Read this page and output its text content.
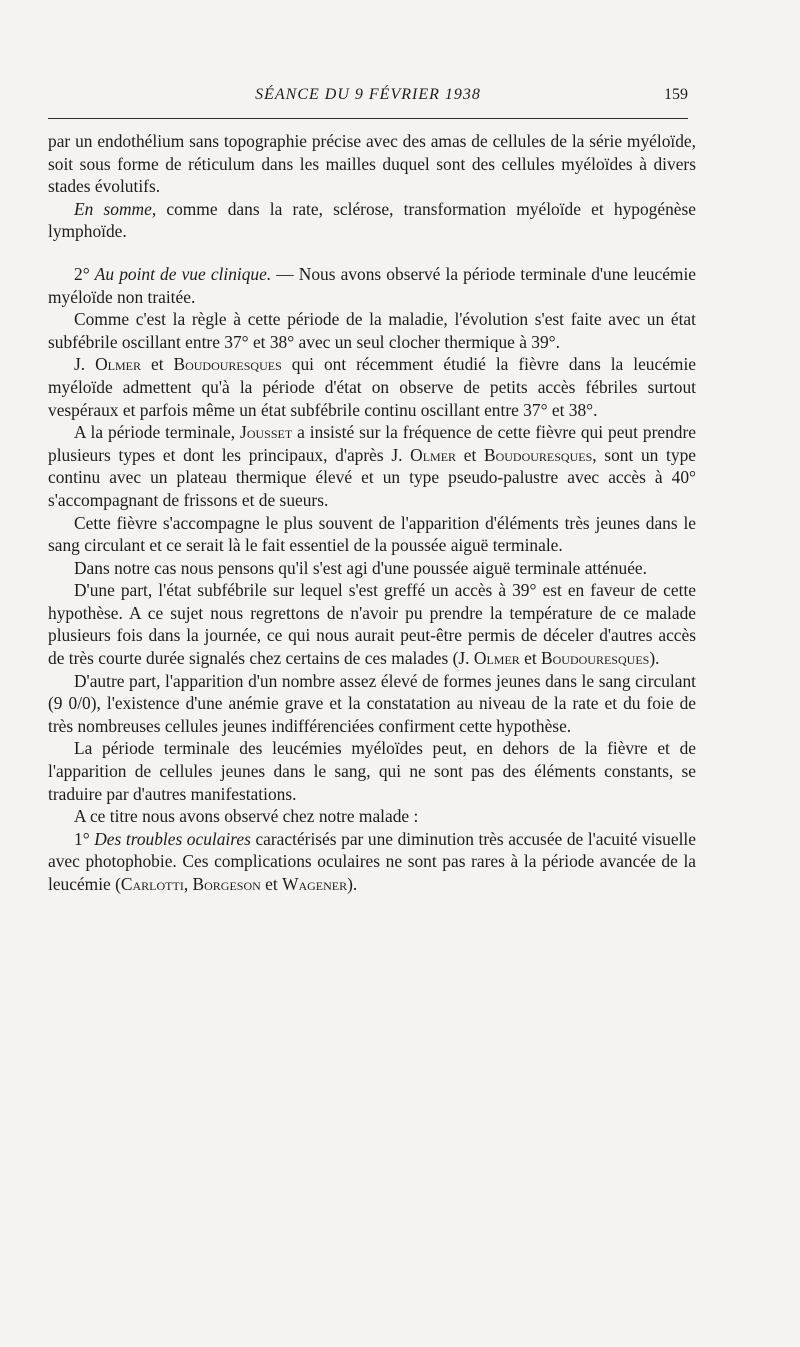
SÉANCE DU 9 FÉVRIER 1938	159

par un endothélium sans topographie précise avec des amas de cellules de la série myéloïde, soit sous forme de réticulum dans les mailles duquel sont des cellules myéloïdes à divers stades évolutifs.

En somme, comme dans la rate, sclérose, transformation myéloïde et hypogénèse lymphoïde.

2° Au point de vue clinique. — Nous avons observé la période terminale d'une leucémie myéloïde non traitée.

Comme c'est la règle à cette période de la maladie, l'évolution s'est faite avec un état subfébrile oscillant entre 37° et 38° avec un seul clocher thermique à 39°.

J. Olmer et Boudouresques qui ont récemment étudié la fièvre dans la leucémie myéloïde admettent qu'à la période d'état on observe de petits accès fébriles surtout vespéraux et parfois même un état subfébrile continu oscillant entre 37° et 38°.

A la période terminale, Jousset a insisté sur la fréquence de cette fièvre qui peut prendre plusieurs types et dont les principaux, d'après J. Olmer et Boudouresques, sont un type continu avec un plateau thermique élevé et un type pseudo-palustre avec accès à 40° s'accompagnant de frissons et de sueurs.

Cette fièvre s'accompagne le plus souvent de l'apparition d'éléments très jeunes dans le sang circulant et ce serait là le fait essentiel de la poussée aiguë terminale.

Dans notre cas nous pensons qu'il s'est agi d'une poussée aiguë terminale atténuée.

D'une part, l'état subfébrile sur lequel s'est greffé un accès à 39° est en faveur de cette hypothèse. A ce sujet nous regrettons de n'avoir pu prendre la température de ce malade plusieurs fois dans la journée, ce qui nous aurait peut-être permis de déceler d'autres accès de très courte durée signalés chez certains de ces malades (J. Olmer et Boudouresques).

D'autre part, l'apparition d'un nombre assez élevé de formes jeunes dans le sang circulant (9 0/0), l'existence d'une anémie grave et la constatation au niveau de la rate et du foie de très nombreuses cellules jeunes indifférenciées confirment cette hypothèse.

La période terminale des leucémies myéloïdes peut, en dehors de la fièvre et de l'apparition de cellules jeunes dans le sang, qui ne sont pas des éléments constants, se traduire par d'autres manifestations.

A ce titre nous avons observé chez notre malade :

1° Des troubles oculaires caractérisés par une diminution très accusée de l'acuité visuelle avec photophobie. Ces complications oculaires ne sont pas rares à la période avancée de la leucémie (Carlotti, Borgeson et Wagener).
